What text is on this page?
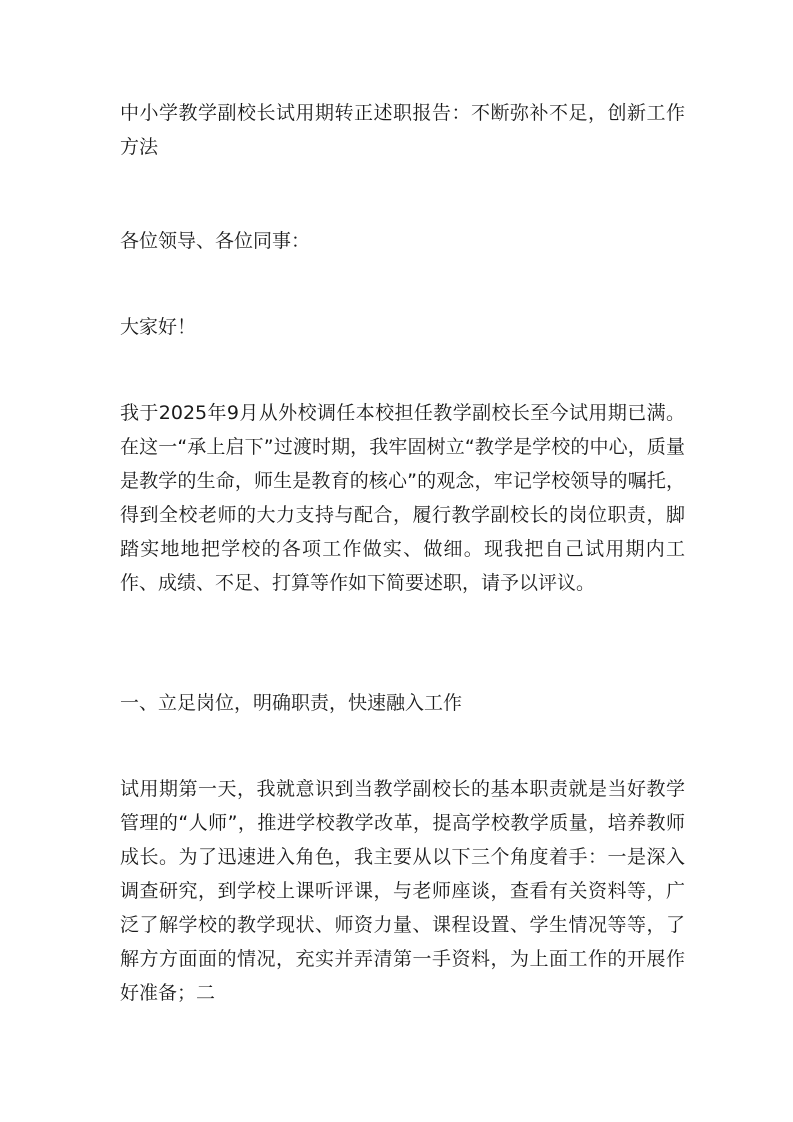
中小学教学副校长试用期转正述职报告：不断弥补不足，创新工作方法

各位领导、各位同事：

大家好！

我于2025年9月从外校调任本校担任教学副校长至今试用期已满。在这一“承上启下”过渡时期，我牢固树立“教学是学校的中心，质量是教学的生命，师生是教育的核心”的观念，牢记学校领导的嘱托，得到全校老师的大力支持与配合，履行教学副校长的岗位职责，脚踏实地地把学校的各项工作做实、做细。现我把自己试用期内工作、成绩、不足、打算等作如下简要述职，请予以评议。

一、立足岗位，明确职责，快速融入工作

试用期第一天，我就意识到当教学副校长的基本职责就是当好教学管理的“人师”，推进学校教学改革，提高学校教学质量，培养教师成长。为了迅速进入角色，我主要从以下三个角度着手：一是深入调查研究，到学校上课听评课，与老师座谈，查看有关资料等，广泛了解学校的教学现状、师资力量、课程设置、学生情况等等，了解方方面面的情况，充实并弄清第一手资料，为上面工作的开展作好准备；二
